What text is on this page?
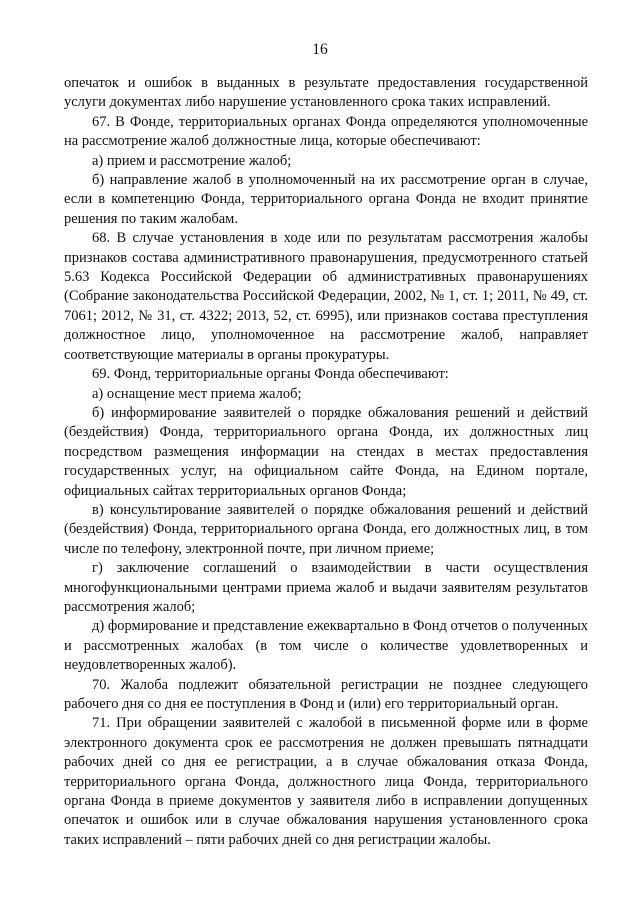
16

опечаток и ошибок в выданных в результате предоставления государственной услуги документах либо нарушение установленного срока таких исправлений.

67. В Фонде, территориальных органах Фонда определяются уполномоченные на рассмотрение жалоб должностные лица, которые обеспечивают:

а) прием и рассмотрение жалоб;

б) направление жалоб в уполномоченный на их рассмотрение орган в случае, если в компетенцию Фонда, территориального органа Фонда не входит принятие решения по таким жалобам.

68. В случае установления в ходе или по результатам рассмотрения жалобы признаков состава административного правонарушения, предусмотренного статьей 5.63 Кодекса Российской Федерации об административных правонарушениях (Собрание законодательства Российской Федерации, 2002, № 1, ст. 1; 2011, № 49, ст. 7061; 2012, № 31, ст. 4322; 2013, 52, ст. 6995), или признаков состава преступления должностное лицо, уполномоченное на рассмотрение жалоб, направляет соответствующие материалы в органы прокуратуры.

69. Фонд, территориальные органы Фонда обеспечивают:

а) оснащение мест приема жалоб;

б) информирование заявителей о порядке обжалования решений и действий (бездействия) Фонда, территориального органа Фонда, их должностных лиц посредством размещения информации на стендах в местах предоставления государственных услуг, на официальном сайте Фонда, на Едином портале, официальных сайтах территориальных органов Фонда;

в) консультирование заявителей о порядке обжалования решений и действий (бездействия) Фонда, территориального органа Фонда, его должностных лиц, в том числе по телефону, электронной почте, при личном приеме;

г) заключение соглашений о взаимодействии в части осуществления многофункциональными центрами приема жалоб и выдачи заявителям результатов рассмотрения жалоб;

д) формирование и представление ежеквартально в Фонд отчетов о полученных и рассмотренных жалобах (в том числе о количестве удовлетворенных и неудовлетворенных жалоб).

70. Жалоба подлежит обязательной регистрации не позднее следующего рабочего дня со дня ее поступления в Фонд и (или) его территориальный орган.

71. При обращении заявителей с жалобой в письменной форме или в форме электронного документа срок ее рассмотрения не должен превышать пятнадцати рабочих дней со дня ее регистрации, а в случае обжалования отказа Фонда, территориального органа Фонда, должностного лица Фонда, территориального органа Фонда в приеме документов у заявителя либо в исправлении допущенных опечаток и ошибок или в случае обжалования нарушения установленного срока таких исправлений – пяти рабочих дней со дня регистрации жалобы.
